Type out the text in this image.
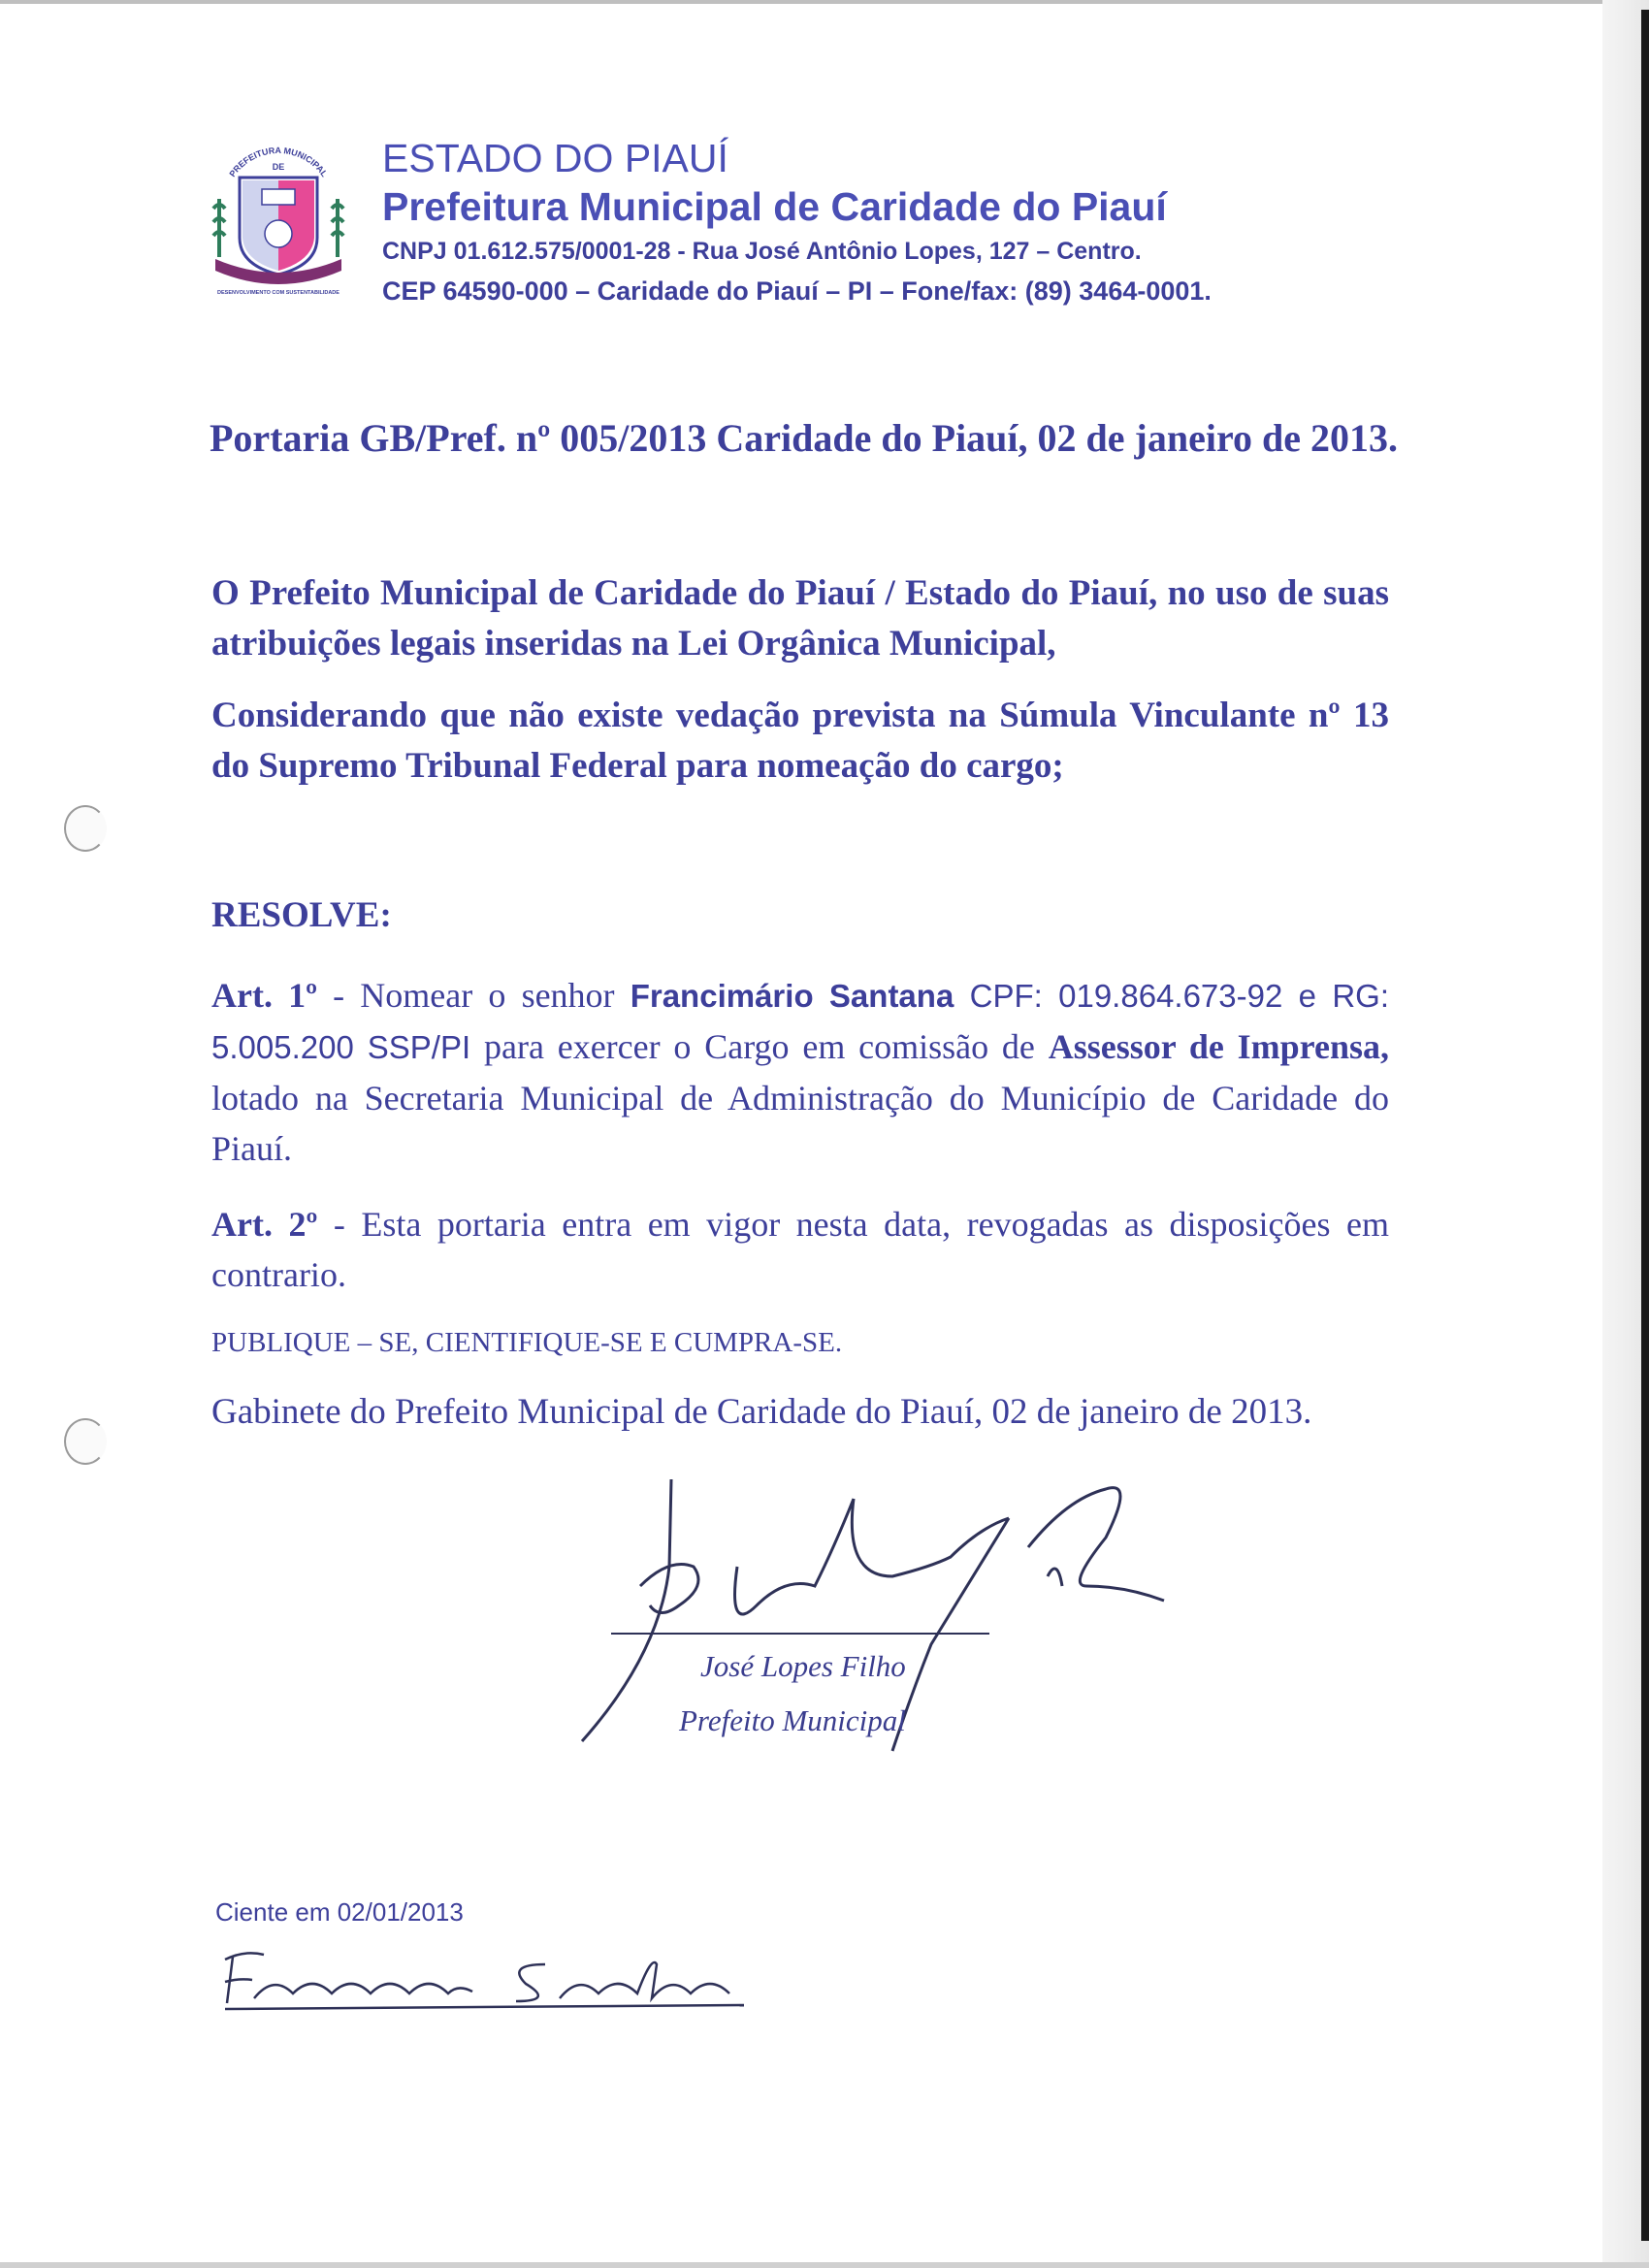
PREFEITURA MUNICIPAL
DE
DESENVOLVIMENTO COM SUSTENTABILIDADE
ESTADO DO PIAUÍ
Prefeitura Municipal de Caridade do Piauí
CNPJ 01.612.575/0001-28 - Rua José Antônio Lopes, 127 – Centro.
CEP 64590-000 – Caridade do Piauí – PI – Fone/fax: (89) 3464-0001.
Portaria GB/Pref. nº 005/2013 Caridade do Piauí, 02 de janeiro de 2013.
O Prefeito Municipal de Caridade do Piauí / Estado do Piauí, no uso de suas atribuições legais inseridas na Lei Orgânica Municipal,
Considerando que não existe vedação prevista na Súmula Vinculante nº 13 do Supremo Tribunal Federal para nomeação do cargo;
RESOLVE:
Art. 1º - Nomear o senhor Francimário Santana CPF: 019.864.673-92 e RG: 5.005.200 SSP/PI para exercer o Cargo em comissão de Assessor de Imprensa, lotado na Secretaria Municipal de Administração do Município de Caridade do Piauí.
Art. 2º - Esta portaria entra em vigor nesta data, revogadas as disposições em contrario.
PUBLIQUE – SE, CIENTIFIQUE-SE E CUMPRA-SE.
Gabinete do Prefeito Municipal de Caridade do Piauí, 02 de janeiro de 2013.
José Lopes Filho
Prefeito Municipal
Ciente em 02/01/2013
